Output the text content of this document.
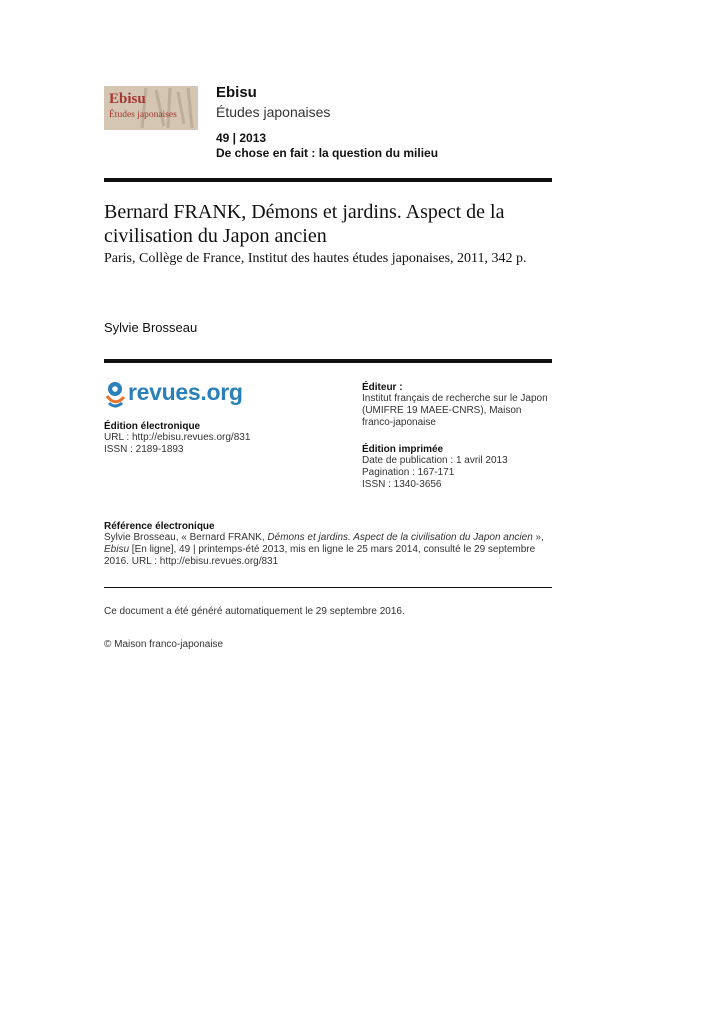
Ebisu
Études japonaises
Ebisu
Études japonaises
49 | 2013
De chose en fait : la question du milieu
Bernard FRANK, Démons et jardins. Aspect de la civilisation du Japon ancien
Paris, Collège de France, Institut des hautes études japonaises, 2011, 342 p.
Sylvie Brosseau
revues.org
Édition électronique
URL : http://ebisu.revues.org/831
ISSN : 2189-1893
Éditeur :
Institut français de recherche sur le Japon (UMIFRE 19 MAEE-CNRS), Maison franco-japonaise
Édition imprimée
Date de publication : 1 avril 2013
Pagination : 167-171
ISSN : 1340-3656
Référence électronique
Sylvie Brosseau, « Bernard FRANK, Démons et jardins. Aspect de la civilisation du Japon ancien », Ebisu [En ligne], 49 | printemps-été 2013, mis en ligne le 25 mars 2014, consulté le 29 septembre 2016. URL : http://ebisu.revues.org/831
Ce document a été généré automatiquement le 29 septembre 2016.
© Maison franco-japonaise
